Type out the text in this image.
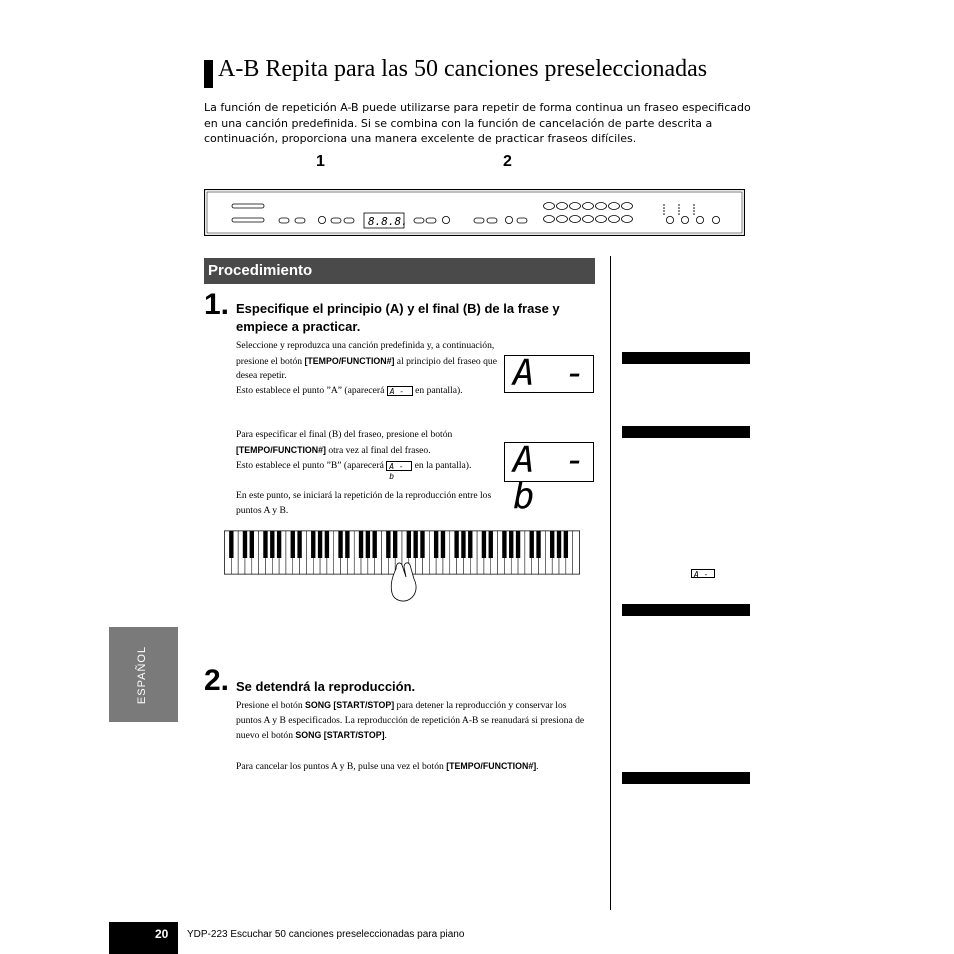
A-B Repita para las 50 canciones preseleccionadas
La función de repetición A-B puede utilizarse para repetir de forma continua un fraseo especificado en una canción predefinida. Si se combina con la función de cancelación de parte descrita a continuación, proporciona una manera excelente de practicar fraseos difíciles.
1	2
8.8.8.
Procedimiento
1. Especifique el principio (A) y el final (B) de la frase y empiece a practicar.
Seleccione y reproduzca una canción predefinida y, a continuación, presione el botón [TEMPO/FUNCTION#] al principio del fraseo que desea repetir.
Esto establece el punto ”A” (aparecerá A - en pantalla).
Para especificar el final (B) del fraseo, presione el botón [TEMPO/FUNCTION#] otra vez al final del fraseo.
Esto establece el punto ”B” (aparecerá A - b en la pantalla).
En este punto, se iniciará la repetición de la reproducción entre los puntos A y B.
A -
A - b
2. Se detendrá la reproducción.
Presione el botón SONG [START/STOP] para detener la reproducción y conservar los puntos A y B especificados. La reproducción de repetición A-B se reanudará si presiona de nuevo el botón SONG [START/STOP].
Para cancelar los puntos A y B, pulse una vez el botón [TEMPO/FUNCTION#].
ESPAÑOL
A -
20 YDP-223 Escuchar 50 canciones preseleccionadas para piano
